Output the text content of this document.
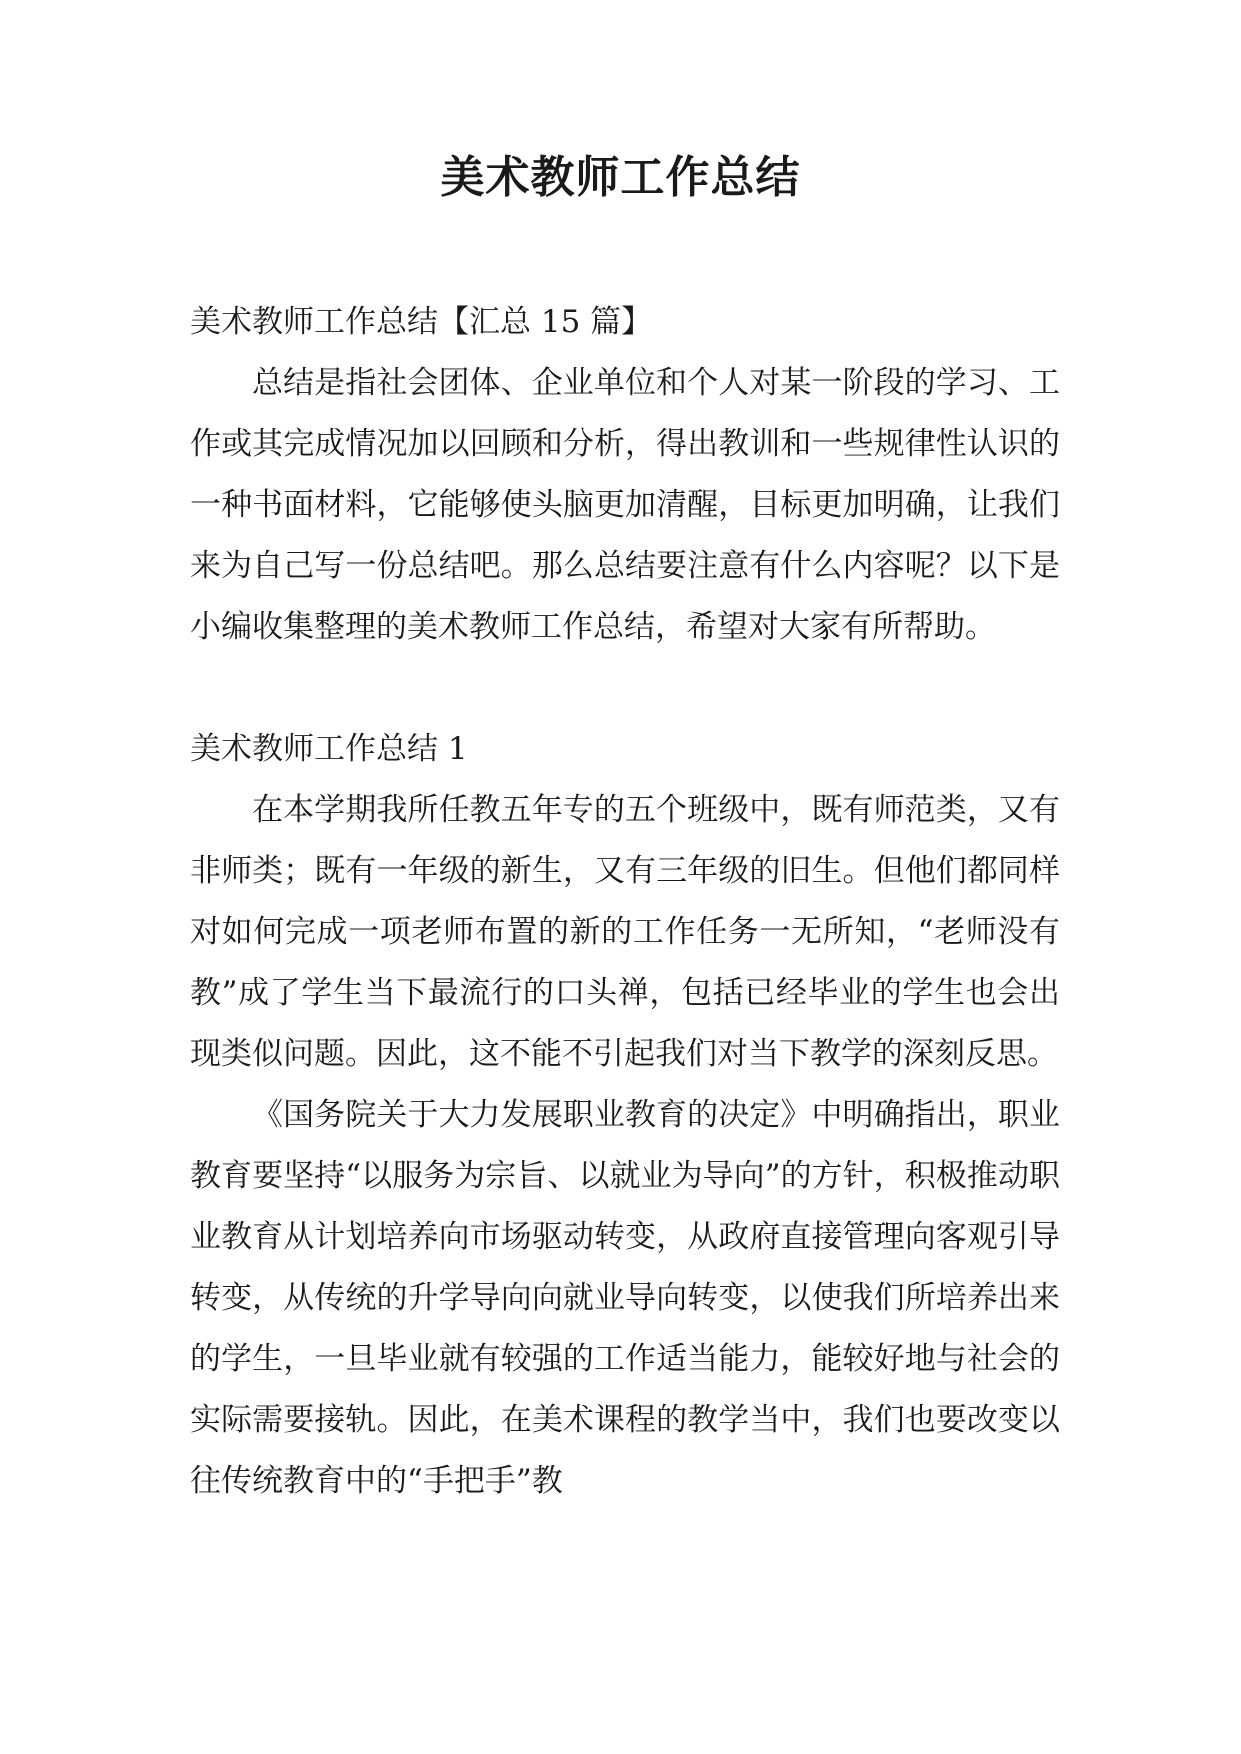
美术教师工作总结

美术教师工作总结【汇总 15 篇】

总结是指社会团体、企业单位和个人对某一阶段的学习、工作或其完成情况加以回顾和分析，得出教训和一些规律性认识的一种书面材料，它能够使头脑更加清醒，目标更加明确，让我们来为自己写一份总结吧。那么总结要注意有什么内容呢？以下是小编收集整理的美术教师工作总结，希望对大家有所帮助。

美术教师工作总结 1

在本学期我所任教五年专的五个班级中，既有师范类，又有非师类；既有一年级的新生，又有三年级的旧生。但他们都同样对如何完成一项老师布置的新的工作任务一无所知，“老师没有教”成了学生当下最流行的口头禅，包括已经毕业的学生也会出现类似问题。因此，这不能不引起我们对当下教学的深刻反思。

《国务院关于大力发展职业教育的决定》中明确指出，职业教育要坚持“以服务为宗旨、以就业为导向”的方针，积极推动职业教育从计划培养向市场驱动转变，从政府直接管理向客观引导转变，从传统的升学导向向就业导向转变，以使我们所培养出来的学生，一旦毕业就有较强的工作适当能力，能较好地与社会的实际需要接轨。因此，在美术课程的教学当中，我们也要改变以往传统教育中的“手把手”教
